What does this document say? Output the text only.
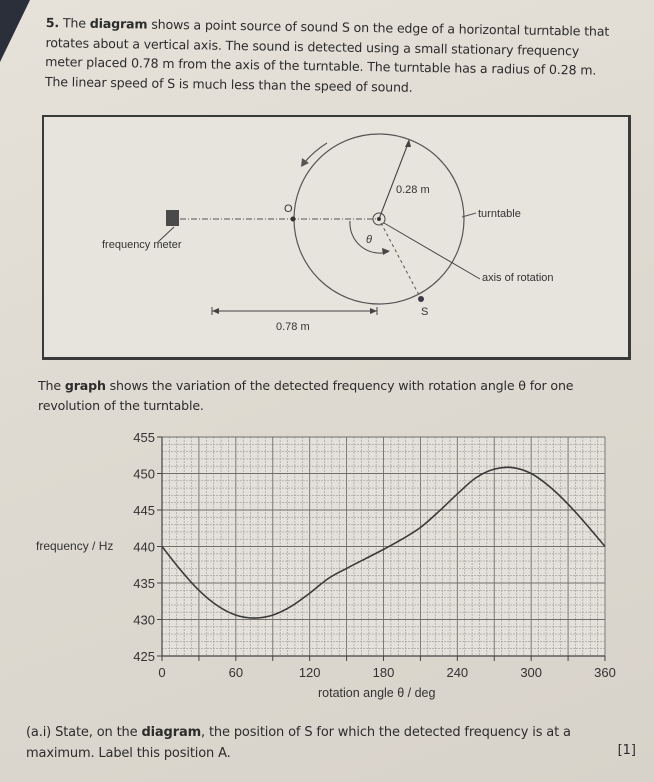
5. The diagram shows a point source of sound S on the edge of a horizontal turntable that rotates about a vertical axis. The sound is detected using a small stationary frequency meter placed 0.78 m from the axis of the turntable. The turntable has a radius of 0.28 m. The linear speed of S is much less than the speed of sound.
frequency meter
O
0.28 m
turntable
axis of rotation
S
θ
0.78 m
The graph shows the variation of the detected frequency with rotation angle θ for one revolution of the turntable.
425
430
435
440
445
450
455
0	60	120	180	240	300	360
frequency / Hz
rotation angle θ / deg
(a.i) State, on the diagram, the position of S for which the detected frequency is at a maximum. Label this position A.	[1]
